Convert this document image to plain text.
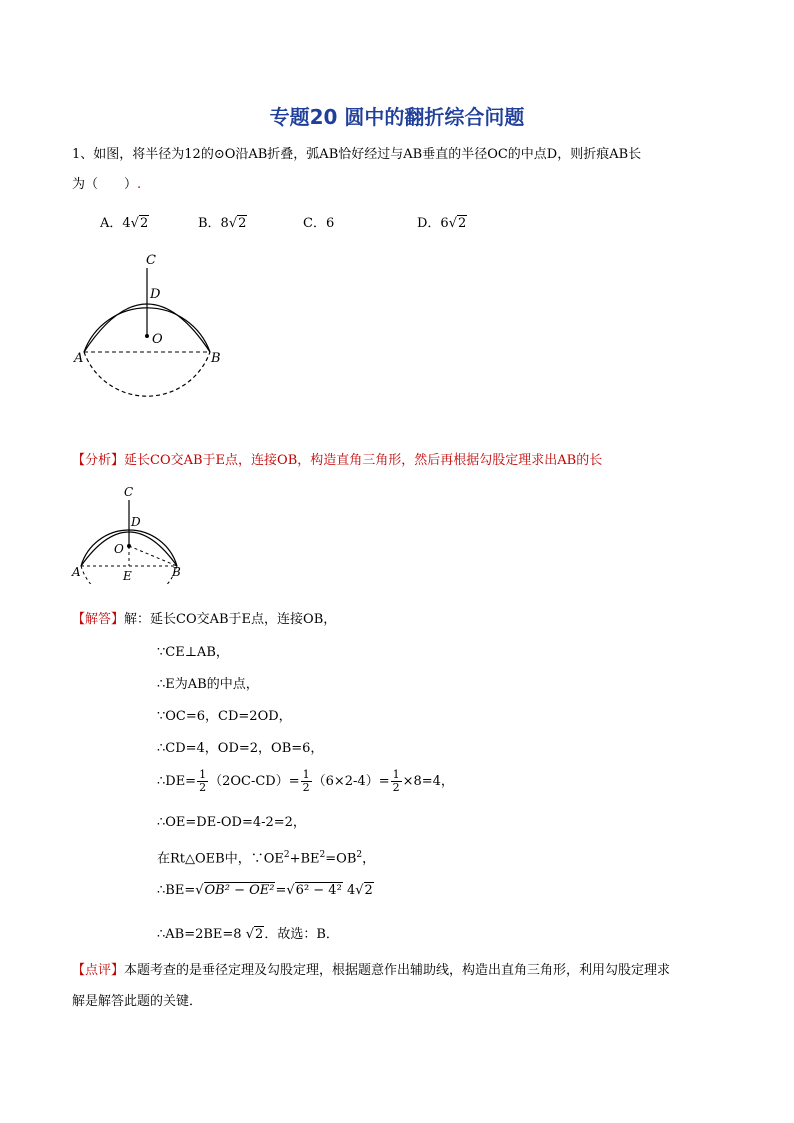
专题20 圆中的翻折综合问题
1、如图，将半径为12的⊙O沿AB折叠，弧AB恰好经过与AB垂直的半径OC的中点D，则折痕AB长
为（　　）.
A．4√2	B．8√2	C．6	D．6√2
C
D
O
A	B
【分析】延长CO交AB于E点，连接OB，构造直角三角形，然后再根据勾股定理求出AB的长
C
D
O
A	B
E
【解答】解：延长CO交AB于E点，连接OB，
∵CE⊥AB，
∴E为AB的中点，
∵OC=6，CD=2OD，
∴CD=4，OD=2，OB=6，
∴DE= $\frac{1}{2} (2OC-CD)= \frac{1}{2} (6\times 2-4)= \frac{1}{2} \times 8=4$，
∴OE=DE-OD=4-2=2，
在Rt△OEB中，$\because OE^2+BE^2=OB^2$，
∴BE=√OB² − OE²=√6² − 4² 4√2
∴AB=2BE=8 √2．故选：B．
【点评】本题考查的是垂径定理及勾股定理，根据题意作出辅助线，构造出直角三角形，利用勾股定理求
解是解答此题的关键．
